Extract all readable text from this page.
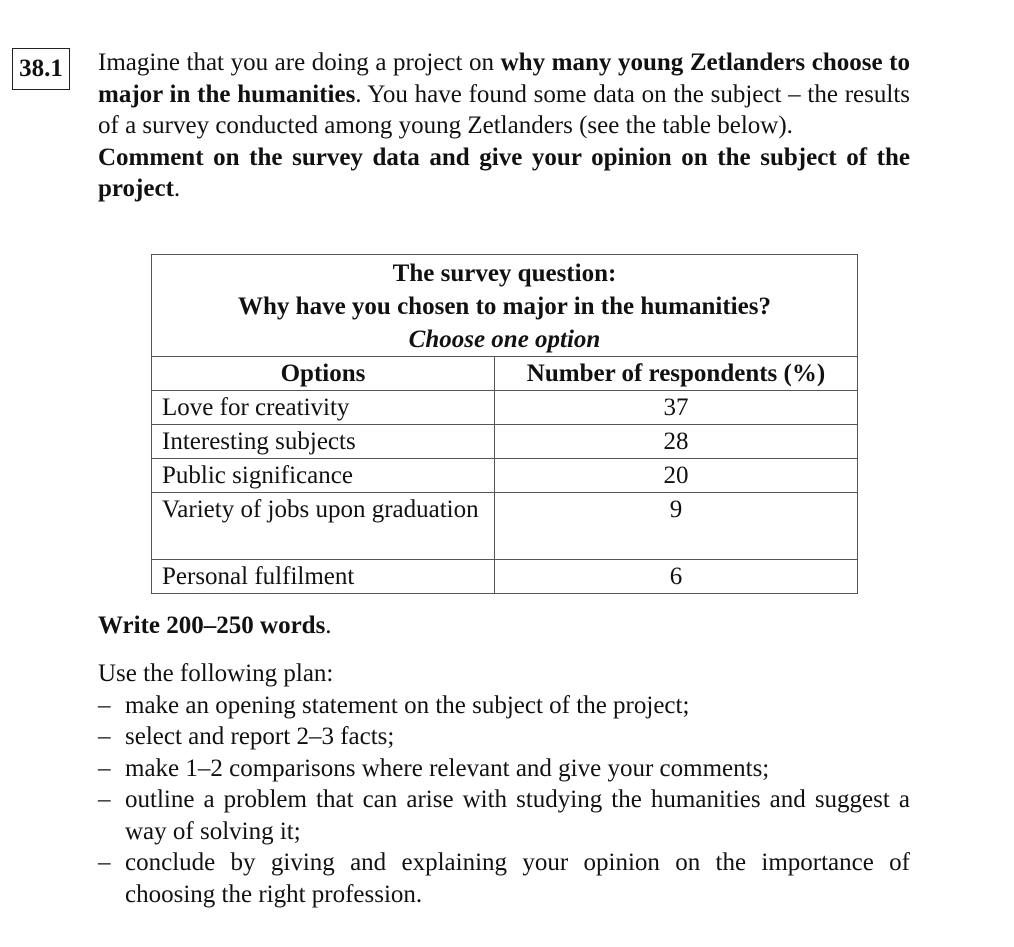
38.1 Imagine that you are doing a project on why many young Zetlanders choose to major in the humanities. You have found some data on the subject – the results of a survey conducted among young Zetlanders (see the table below).

Comment on the survey data and give your opinion on the subject of the project.

The survey question:
Why have you chosen to major in the humanities?
Choose one option	

Options	Number of respondents (%)
Love for creativity	37
Interesting subjects	28
Public significance	20
Variety of jobs upon graduation	9
Personal fulfilment	6
Write 200–250 words.

Use the following plan:

– make an opening statement on the subject of the project;
– select and report 2–3 facts;
– make 1–2 comparisons where relevant and give your comments;
– outline a problem that can arise with studying the humanities and suggest a way of solving it;
– conclude by giving and explaining your opinion on the importance of choosing the right profession.
